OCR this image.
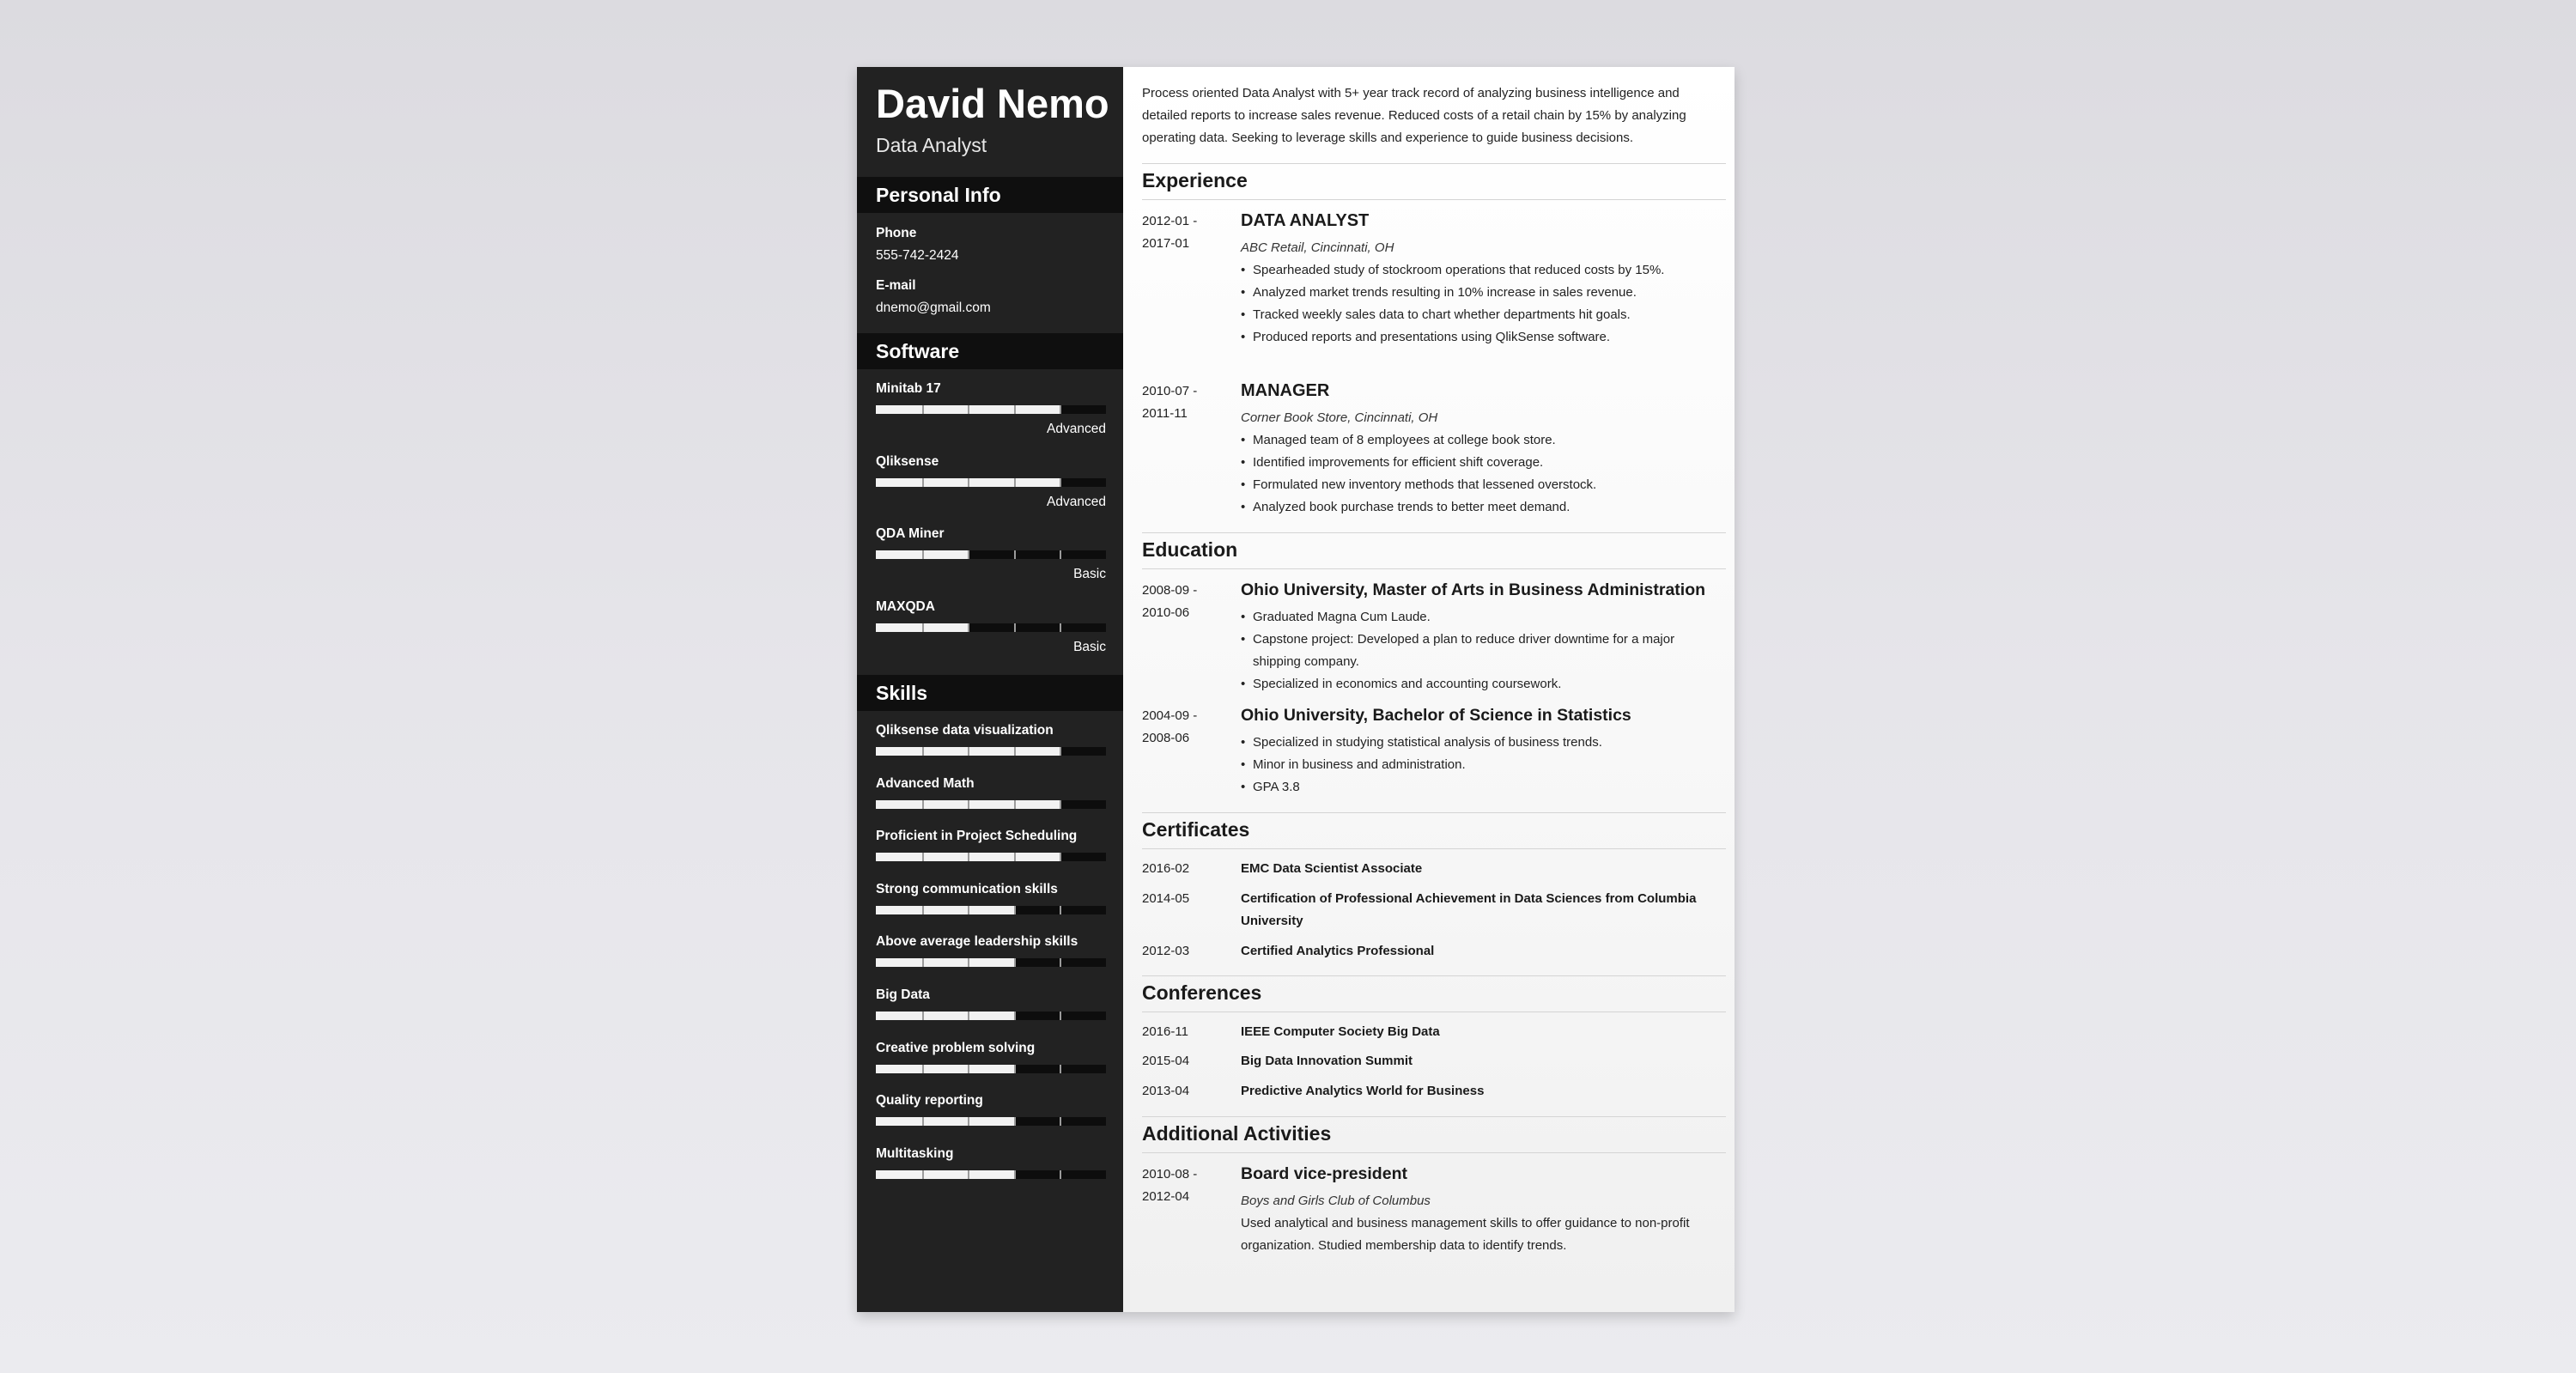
David Nemo
Data Analyst
Personal Info
Phone
555-742-2424
E-mail
dnemo@gmail.com
Software
Minitab 17
Advanced
Qliksense
Advanced
QDA Miner
Basic
MAXQDA
Basic
Skills
Qliksense data visualization
Advanced Math
Proficient in Project Scheduling
Strong communication skills
Above average leadership skills
Big Data
Creative problem solving
Quality reporting
Multitasking
Process oriented Data Analyst with 5+ year track record of analyzing business intelligence and detailed reports to increase sales revenue. Reduced costs of a retail chain by 15% by analyzing operating data. Seeking to leverage skills and experience to guide business decisions.
Experience
2012-01 -
2017-01
DATA ANALYST
ABC Retail, Cincinnati, OH
• Spearheaded study of stockroom operations that reduced costs by 15%.
• Analyzed market trends resulting in 10% increase in sales revenue.
• Tracked weekly sales data to chart whether departments hit goals.
• Produced reports and presentations using QlikSense software.
2010-07 -
2011-11
MANAGER
Corner Book Store, Cincinnati, OH
• Managed team of 8 employees at college book store.
• Identified improvements for efficient shift coverage.
• Formulated new inventory methods that lessened overstock.
• Analyzed book purchase trends to better meet demand.
Education
2008-09 -
2010-06
Ohio University, Master of Arts in Business Administration
• Graduated Magna Cum Laude.
• Capstone project: Developed a plan to reduce driver downtime for a major shipping company.
• Specialized in economics and accounting coursework.
2004-09 -
2008-06
Ohio University, Bachelor of Science in Statistics
• Specialized in studying statistical analysis of business trends.
• Minor in business and administration.
• GPA 3.8
Certificates
2016-02	EMC Data Scientist Associate
2014-05	Certification of Professional Achievement in Data Sciences from Columbia University
2012-03	Certified Analytics Professional
Conferences
2016-11	IEEE Computer Society Big Data
2015-04	Big Data Innovation Summit
2013-04	Predictive Analytics World for Business
Additional Activities
2010-08 -
2012-04
Board vice-president
Boys and Girls Club of Columbus
Used analytical and business management skills to offer guidance to non-profit organization. Studied membership data to identify trends.
